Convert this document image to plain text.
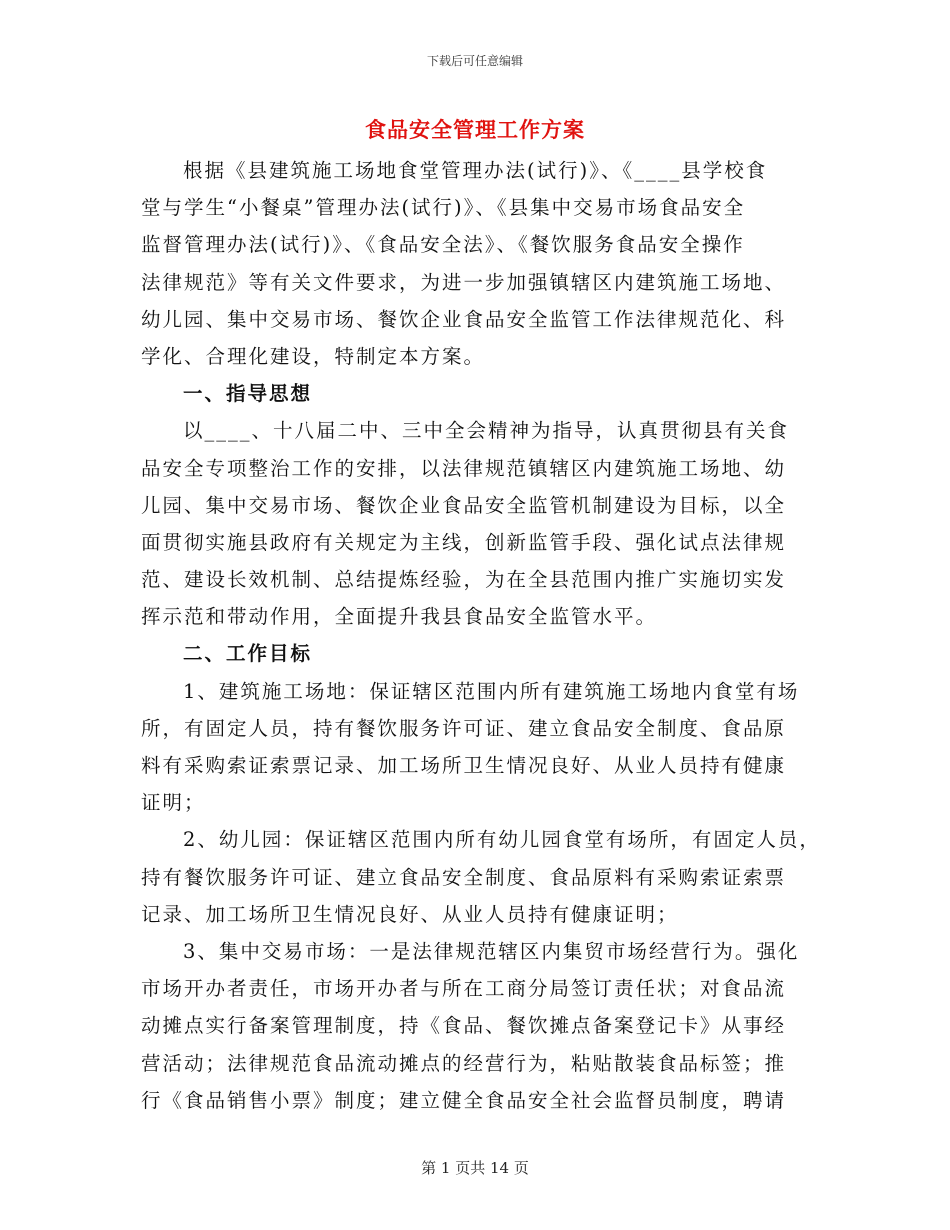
下载后可任意编辑
食品安全管理工作方案
根据《县建筑施工场地食堂管理办法(试行)》、《____县学校食
堂与学生“小餐桌”管理办法(试行)》、《县集中交易市场食品安全
监督管理办法(试行)》、《食品安全法》、《餐饮服务食品安全操作
法律规范》等有关文件要求，为进一步加强镇辖区内建筑施工场地、
幼儿园、集中交易市场、餐饮企业食品安全监管工作法律规范化、科
学化、合理化建设，特制定本方案。
一、指导思想
以____、十八届二中、三中全会精神为指导，认真贯彻县有关食
品安全专项整治工作的安排，以法律规范镇辖区内建筑施工场地、幼
儿园、集中交易市场、餐饮企业食品安全监管机制建设为目标，以全
面贯彻实施县政府有关规定为主线，创新监管手段、强化试点法律规
范、建设长效机制、总结提炼经验，为在全县范围内推广实施切实发
挥示范和带动作用，全面提升我县食品安全监管水平。
二、工作目标
1、建筑施工场地：保证辖区范围内所有建筑施工场地内食堂有场
所，有固定人员，持有餐饮服务许可证、建立食品安全制度、食品原
料有采购索证索票记录、加工场所卫生情况良好、从业人员持有健康
证明；
2、幼儿园：保证辖区范围内所有幼儿园食堂有场所，有固定人员，
持有餐饮服务许可证、建立食品安全制度、食品原料有采购索证索票
记录、加工场所卫生情况良好、从业人员持有健康证明；
3、集中交易市场：一是法律规范辖区内集贸市场经营行为。强化
市场开办者责任，市场开办者与所在工商分局签订责任状；对食品流
动摊点实行备案管理制度，持《食品、餐饮摊点备案登记卡》从事经
营活动；法律规范食品流动摊点的经营行为，粘贴散装食品标签；推
行《食品销售小票》制度；建立健全食品安全社会监督员制度，聘请
第 1 页共 14 页
